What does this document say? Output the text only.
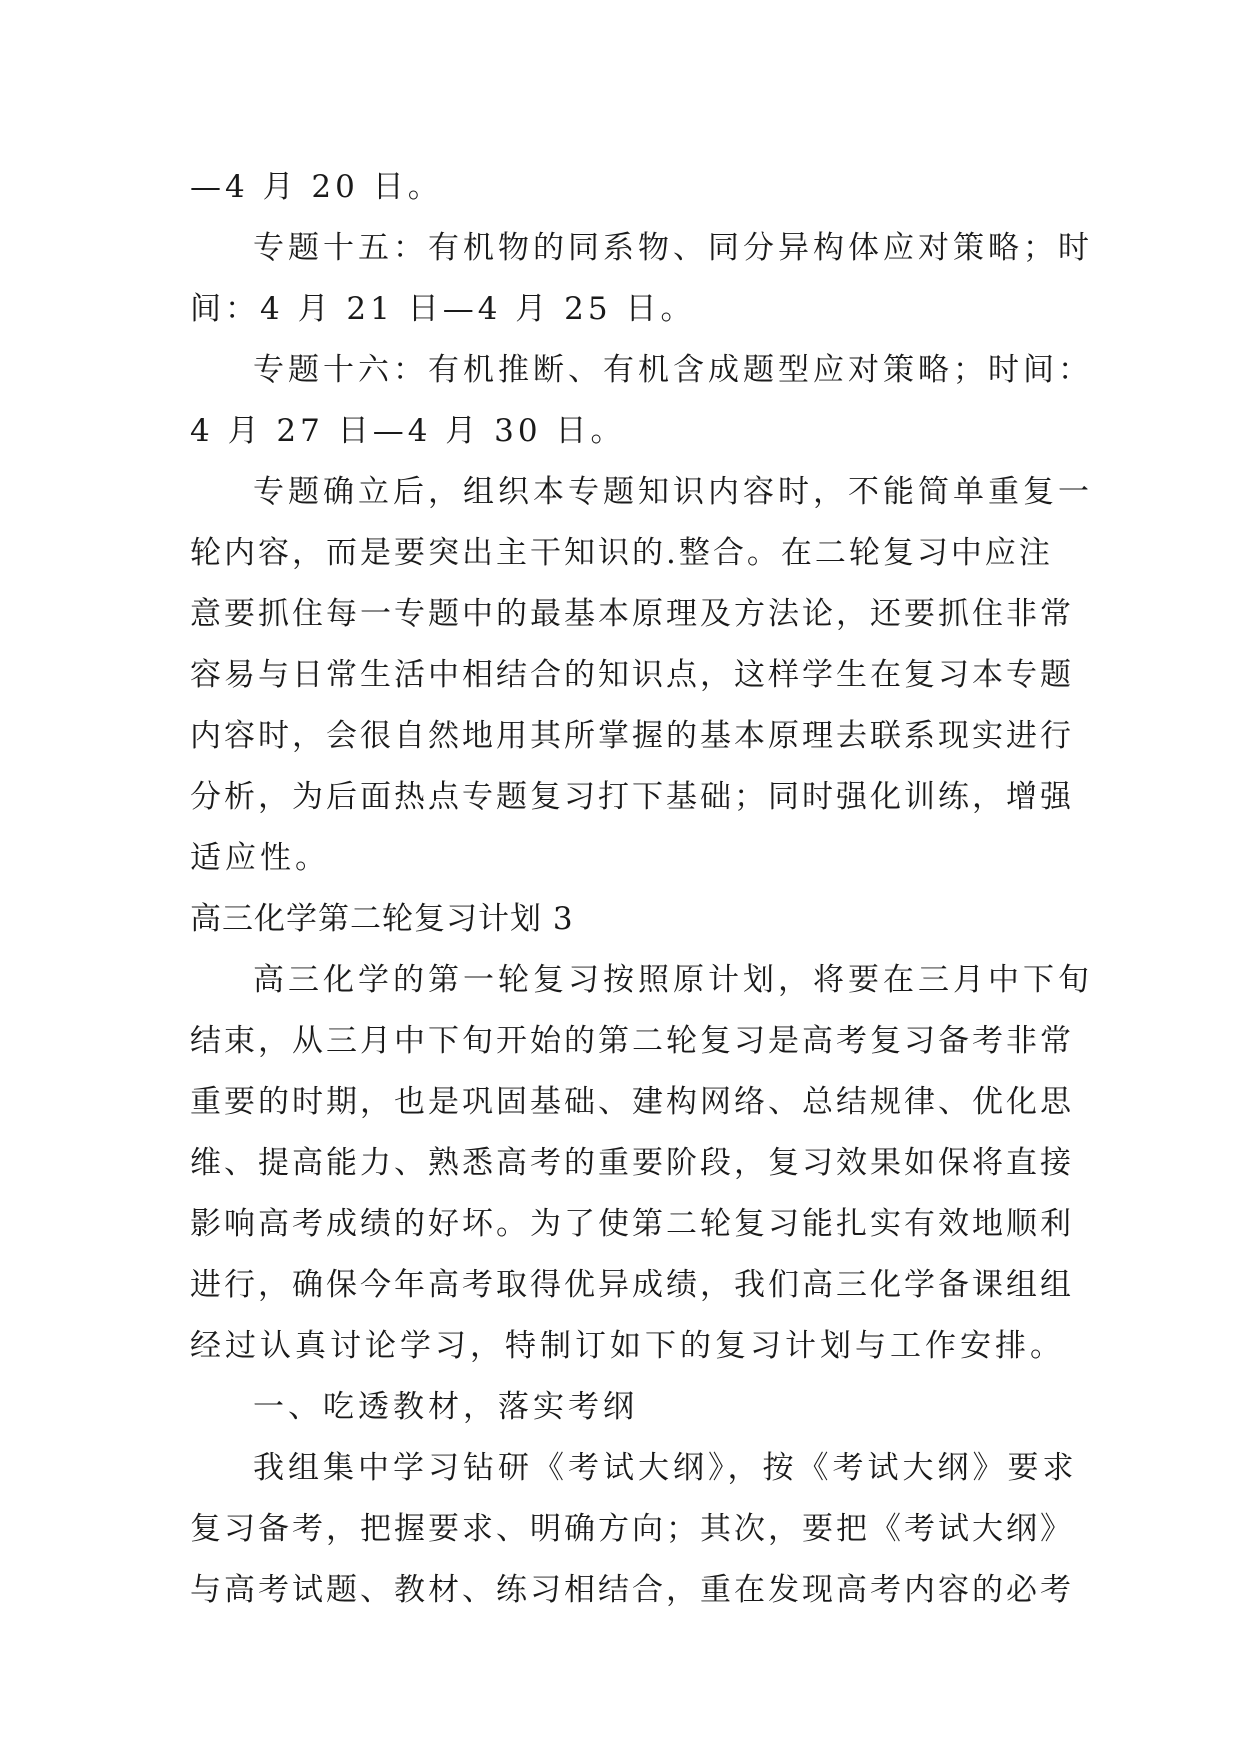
—4 月 20 日。
专题十五：有机物的同系物、同分异构体应对策略；时
间：4 月 21 日—4 月 25 日。
专题十六：有机推断、有机含成题型应对策略；时间：
4 月 27 日—4 月 30 日。
专题确立后，组织本专题知识内容时，不能简单重复一
轮内容，而是要突出主干知识的.整合。在二轮复习中应注
意要抓住每一专题中的最基本原理及方法论，还要抓住非常
容易与日常生活中相结合的知识点，这样学生在复习本专题
内容时，会很自然地用其所掌握的基本原理去联系现实进行
分析，为后面热点专题复习打下基础；同时强化训练，增强
适应性。
高三化学第二轮复习计划 3
高三化学的第一轮复习按照原计划，将要在三月中下旬
结束，从三月中下旬开始的第二轮复习是高考复习备考非常
重要的时期，也是巩固基础、建构网络、总结规律、优化思
维、提高能力、熟悉高考的重要阶段，复习效果如保将直接
影响高考成绩的好坏。为了使第二轮复习能扎实有效地顺利
进行，确保今年高考取得优异成绩，我们高三化学备课组组
经过认真讨论学习，特制订如下的复习计划与工作安排。
一、吃透教材，落实考纲
我组集中学习钻研《考试大纲》，按《考试大纲》要求
复习备考，把握要求、明确方向；其次，要把《考试大纲》
与高考试题、教材、练习相结合，重在发现高考内容的必考
